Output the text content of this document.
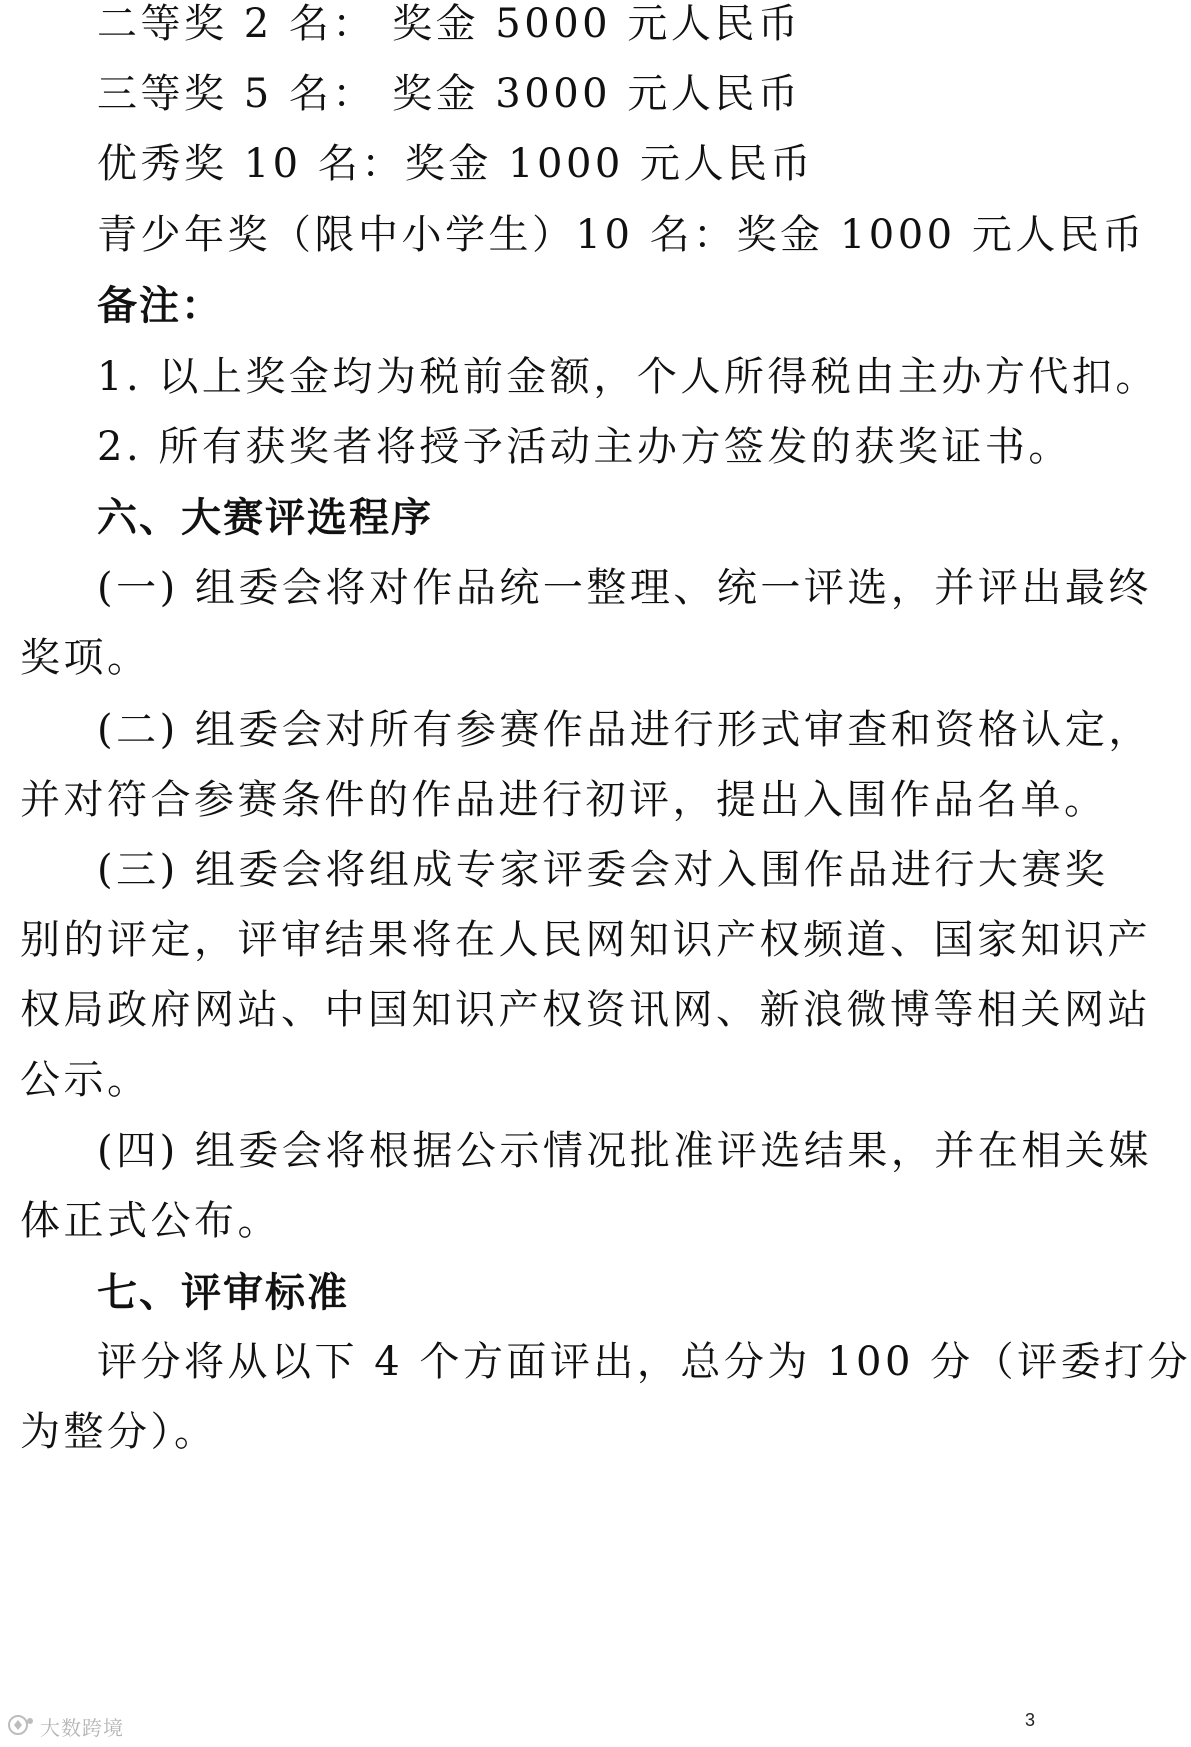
二等奖 2 名： 奖金 5000 元人民币
三等奖 5 名： 奖金 3000 元人民币
优秀奖 10 名：奖金 1000 元人民币
青少年奖（限中小学生）10 名：奖金 1000 元人民币
备注：
1. 以上奖金均为税前金额，个人所得税由主办方代扣。
2. 所有获奖者将授予活动主办方签发的获奖证书。
六、大赛评选程序
(一) 组委会将对作品统一整理、统一评选，并评出最终
奖项。
(二) 组委会对所有参赛作品进行形式审查和资格认定，
并对符合参赛条件的作品进行初评，提出入围作品名单。
(三) 组委会将组成专家评委会对入围作品进行大赛奖
别的评定，评审结果将在人民网知识产权频道、国家知识产
权局政府网站、中国知识产权资讯网、新浪微博等相关网站
公示。
(四) 组委会将根据公示情况批准评选结果，并在相关媒
体正式公布。
七、评审标准
评分将从以下 4 个方面评出，总分为 100 分（评委打分
为整分）。
3
大数跨境
